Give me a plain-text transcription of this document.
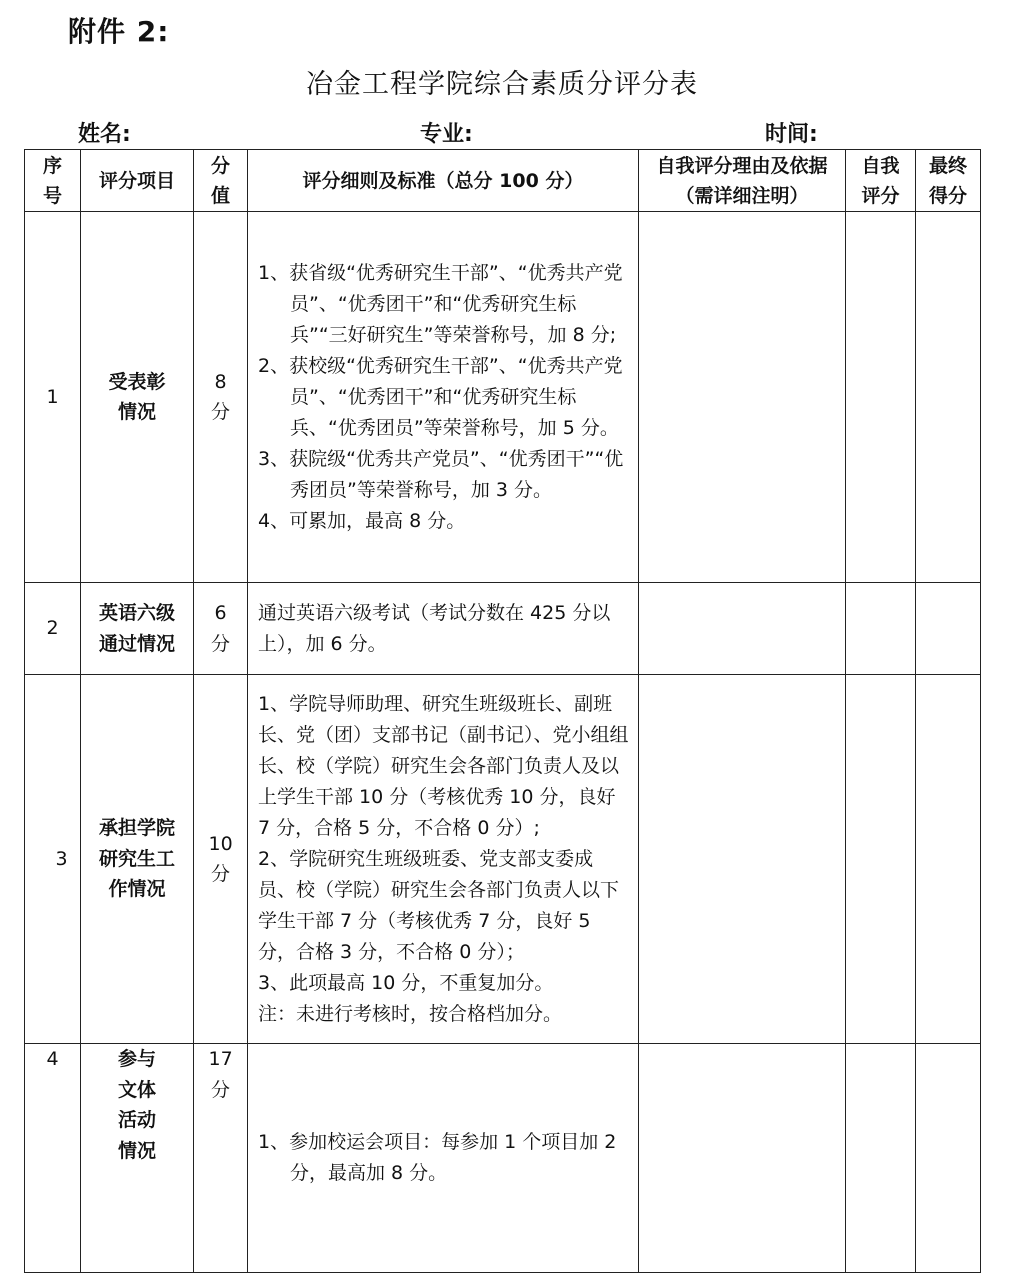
附件 2:
冶金工程学院综合素质分评分表
姓名:	专业:	时间:
序号	评分项目	分值	评分细则及标准（总分 100 分）	自我评分理由及依据（需详细注明）	自我评分	最终得分

1	受表彰情况	8分	1、获省级“优秀研究生干部”、“优秀共产党员”、“优秀团干”和“优秀研究生标兵”“三好研究生”等荣誉称号，加 8 分;
2、获校级“优秀研究生干部”、“优秀共产党员”、“优秀团干”和“优秀研究生标兵、“优秀团员”等荣誉称号，加 5 分。
3、获院级“优秀共产党员”、“优秀团干”“优秀团员”等荣誉称号，加 3 分。
4、可累加，最高 8 分。			

2	英语六级通过情况	6分	通过英语六级考试（考试分数在 425 分以上），加 6 分。			

3	承担学院研究生工作情况	10分	1、学院导师助理、研究生班级班长、副班长、党（团）支部书记（副书记）、党小组组长、校（学院）研究生会各部门负责人及以上学生干部 10 分（考核优秀 10 分，良好 7 分，合格 5 分，不合格 0 分）;
2、学院研究生班级班委、党支部支委成员、校（学院）研究生会各部门负责人以下学生干部 7 分（考核优秀 7 分，良好 5 分，合格 3 分，不合格 0 分）；
3、此项最高 10 分，不重复加分。
注：未进行考核时，按合格档加分。			

4	参与文体活动情况	17分	1、参加校运会项目：每参加 1 个项目加 2 分，最高加 8 分。			
